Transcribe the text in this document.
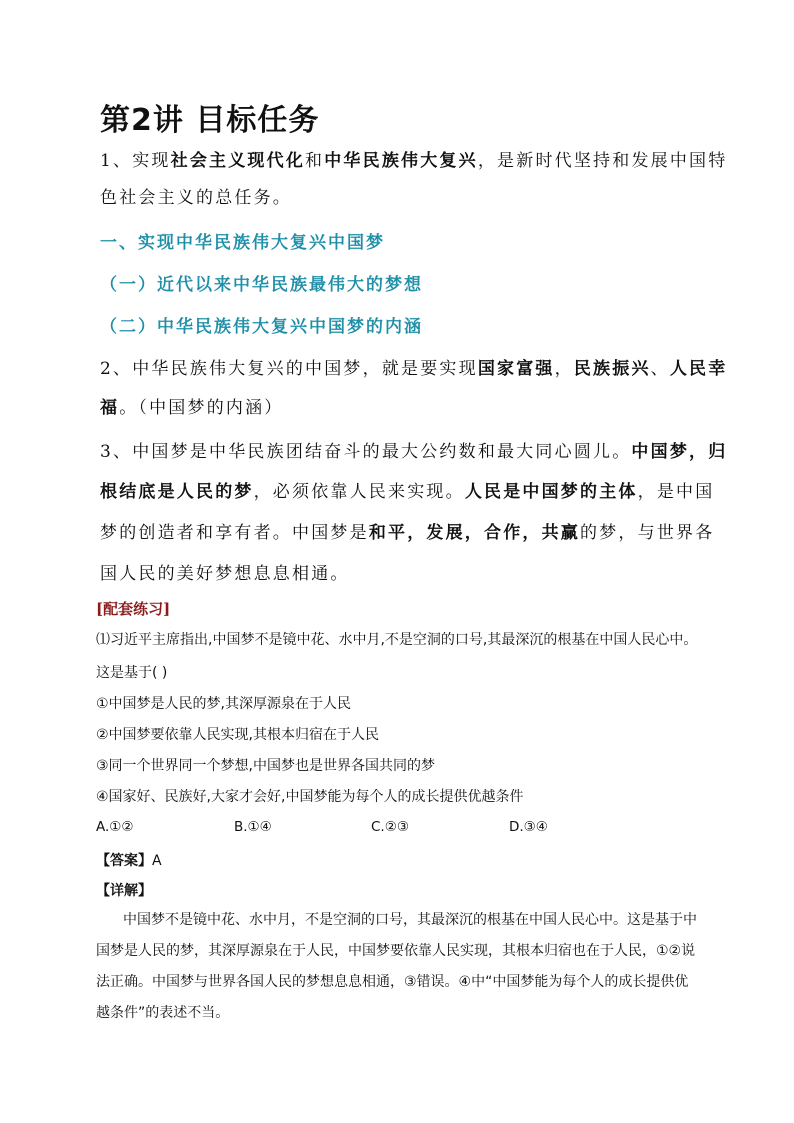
第2讲 目标任务
1、实现社会主义现代化和中华民族伟大复兴，是新时代坚持和发展中国特
色社会主义的总任务。
一、实现中华民族伟大复兴中国梦
（一）近代以来中华民族最伟大的梦想
（二）中华民族伟大复兴中国梦的内涵
2、中华民族伟大复兴的中国梦，就是要实现国家富强，民族振兴、人民幸
福。（中国梦的内涵）
3、中国梦是中华民族团结奋斗的最大公约数和最大同心圆儿。中国梦，归
根结底是人民的梦，必须依靠人民来实现。人民是中国梦的主体，是中国
梦的创造者和享有者。中国梦是和平，发展，合作，共赢的梦，与世界各
国人民的美好梦想息息相通。
[配套练习]
⑴习近平主席指出,中国梦不是镜中花、水中月,不是空洞的口号,其最深沉的根基在中国人民心中。
这是基于( )
①中国梦是人民的梦,其深厚源泉在于人民
②中国梦要依靠人民实现,其根本归宿在于人民
③同一个世界同一个梦想,中国梦也是世界各国共同的梦
④国家好、民族好,大家才会好,中国梦能为每个人的成长提供优越条件
A.①②	B.①④	C.②③	D.③④
【答案】A
【详解】
中国梦不是镜中花、水中月，不是空洞的口号，其最深沉的根基在中国人民心中。这是基于中
国梦是人民的梦，其深厚源泉在于人民，中国梦要依靠人民实现，其根本归宿也在于人民，①②说
法正确。中国梦与世界各国人民的梦想息息相通，③错误。④中“中国梦能为每个人的成长提供优
越条件”的表述不当。
